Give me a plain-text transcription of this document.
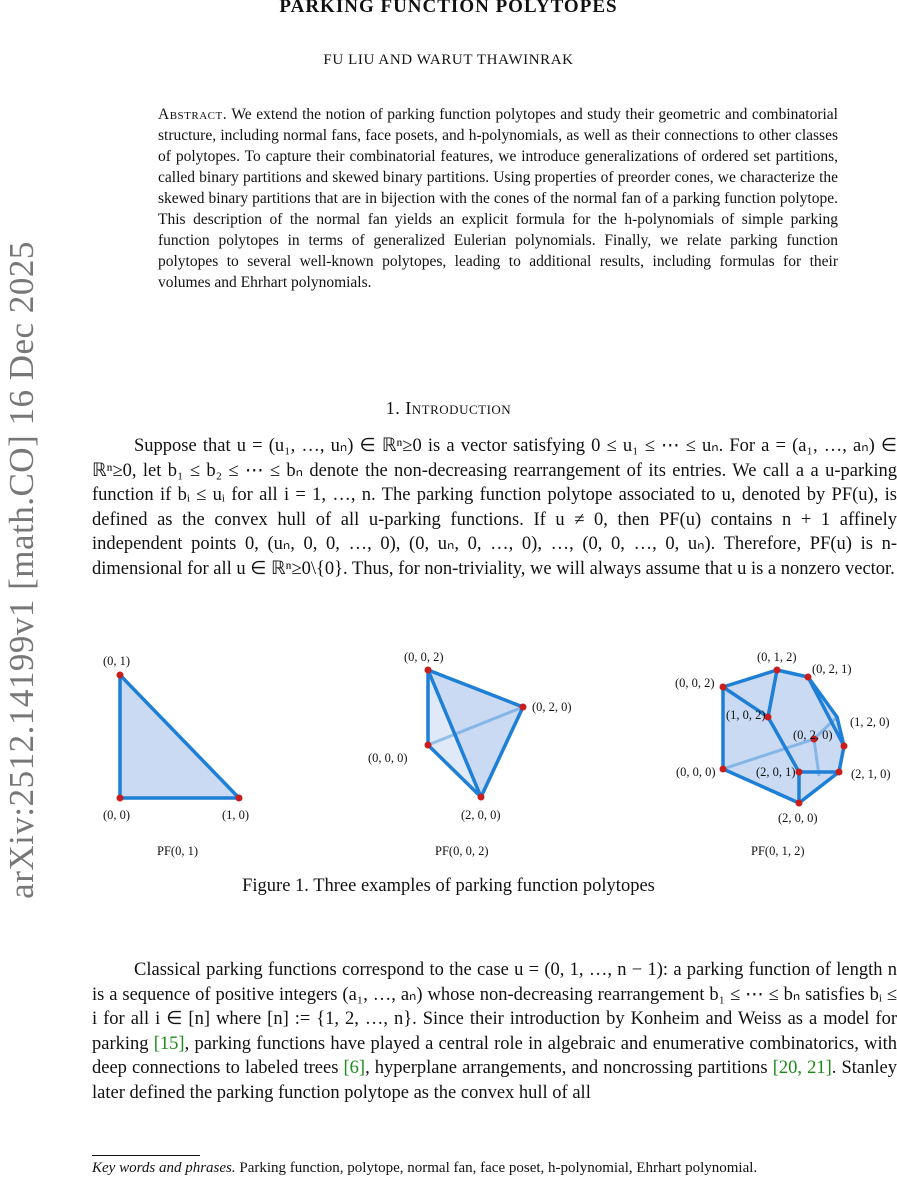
arXiv:2512.14199v1 [math.CO] 16 Dec 2025
PARKING FUNCTION POLYTOPES
FU LIU AND WARUT THAWINRAK
Abstract. We extend the notion of parking function polytopes and study their geometric and combinatorial structure, including normal fans, face posets, and h-polynomials, as well as their connections to other classes of polytopes. To capture their combinatorial features, we introduce generalizations of ordered set partitions, called binary partitions and skewed binary partitions. Using properties of preorder cones, we characterize the skewed binary partitions that are in bijection with the cones of the normal fan of a parking function polytope. This description of the normal fan yields an explicit formula for the h-polynomials of simple parking function polytopes in terms of generalized Eulerian polynomials. Finally, we relate parking function polytopes to several well-known polytopes, leading to additional results, including formulas for their volumes and Ehrhart polynomials.
1. Introduction

Suppose that u = (u₁, …, uₙ) ∈ ℝⁿ≥0 is a vector satisfying 0 ≤ u₁ ≤ ⋯ ≤ uₙ. For a = (a₁, …, aₙ) ∈ ℝⁿ≥0, let b₁ ≤ b₂ ≤ ⋯ ≤ bₙ denote the non-decreasing rearrangement of its entries. We call a a u-parking function if bᵢ ≤ uᵢ for all i = 1, …, n. The parking function polytope associated to u, denoted by PF(u), is defined as the convex hull of all u-parking functions. If u ≠ 0, then PF(u) contains n + 1 affinely independent points 0, (uₙ, 0, 0, …, 0), (0, uₙ, 0, …, 0), …, (0, 0, …, 0, uₙ). Therefore, PF(u) is n-dimensional for all u ∈ ℝⁿ≥0\{0}. Thus, for non-triviality, we will always assume that u is a nonzero vector.

(0, 1)
(0, 0)	(1, 0)
PF(0, 1)
(0, 0, 2)
(0, 2, 0)
(0, 0, 0)
(2, 0, 0)
PF(0, 0, 2)
(0, 1, 2)
(0, 2, 1)
(0, 0, 2)
(1, 0, 2)	(1, 2, 0)
(0, 2, 0)
(0, 0, 0)	(2, 0, 1)	(2, 1, 0)
(2, 0, 0)
PF(0, 1, 2)
Figure 1. Three examples of parking function polytopes

Classical parking functions correspond to the case u = (0, 1, …, n − 1): a parking function of length n is a sequence of positive integers (a₁, …, aₙ) whose non-decreasing rearrangement b₁ ≤ ⋯ ≤ bₙ satisfies bᵢ ≤ i for all i ∈ [n] where [n] := {1, 2, …, n}. Since their introduction by Konheim and Weiss as a model for parking [15], parking functions have played a central role in algebraic and enumerative combinatorics, with deep connections to labeled trees [6], hyperplane arrangements, and noncrossing partitions [20, 21]. Stanley later defined the parking function polytope as the convex hull of all

Key words and phrases. Parking function, polytope, normal fan, face poset, h-polynomial, Ehrhart polynomial.
